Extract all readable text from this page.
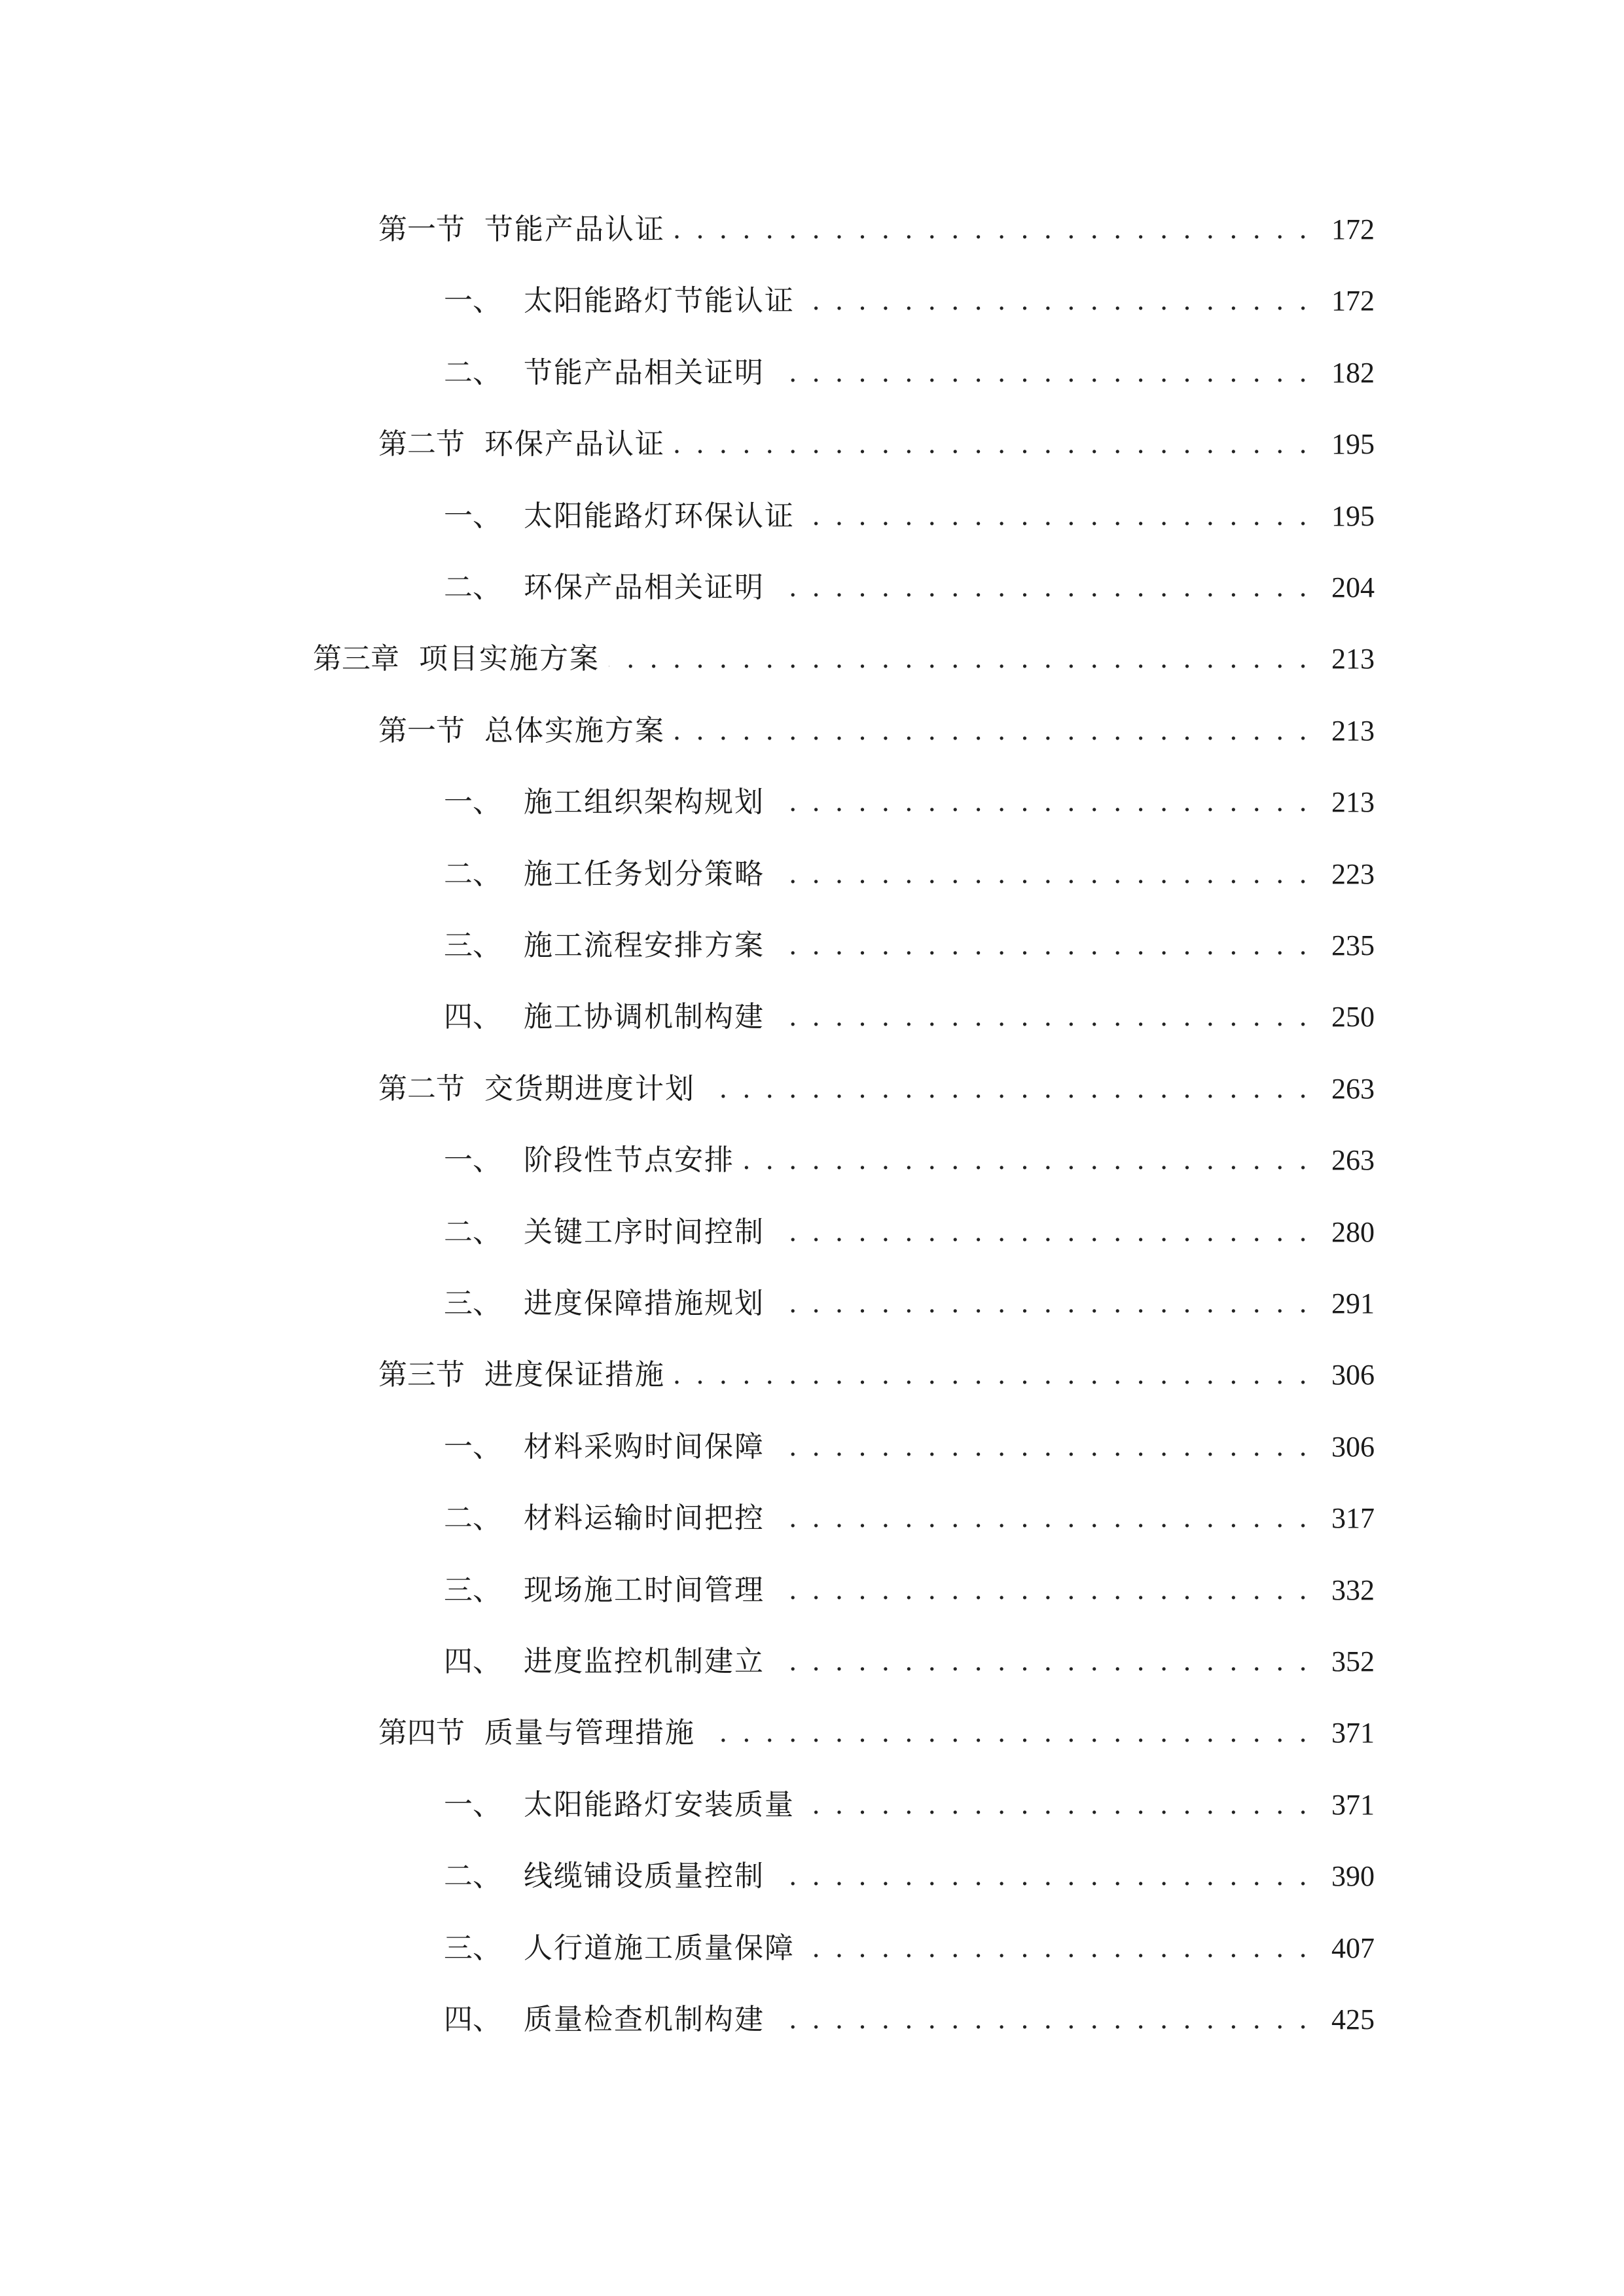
第一节 节能产品认证 . . .	172
一、 太阳能路灯节能认证 . . .	172
二、 节能产品相关证明 . . .	182
第二节 环保产品认证 . . .	195
一、 太阳能路灯环保认证 . . .	195
二、 环保产品相关证明 . . .	204
第三章 项目实施方案 . . .	213
第一节 总体实施方案 . . .	213
一、 施工组织架构规划 . . .	213
二、 施工任务划分策略 . . .	223
三、 施工流程安排方案 . . .	235
四、 施工协调机制构建 . . .	250
第二节 交货期进度计划 . . .	263
一、 阶段性节点安排 . . .	263
二、 关键工序时间控制 . . .	280
三、 进度保障措施规划 . . .	291
第三节 进度保证措施 . . .	306
一、 材料采购时间保障 . . .	306
二、 材料运输时间把控 . . .	317
三、 现场施工时间管理 . . .	332
四、 进度监控机制建立 . . .	352
第四节 质量与管理措施 . . .	371
一、 太阳能路灯安装质量 . . .	371
二、 线缆铺设质量控制 . . .	390
三、 人行道施工质量保障 . . .	407
四、 质量检查机制构建 . . .	425
